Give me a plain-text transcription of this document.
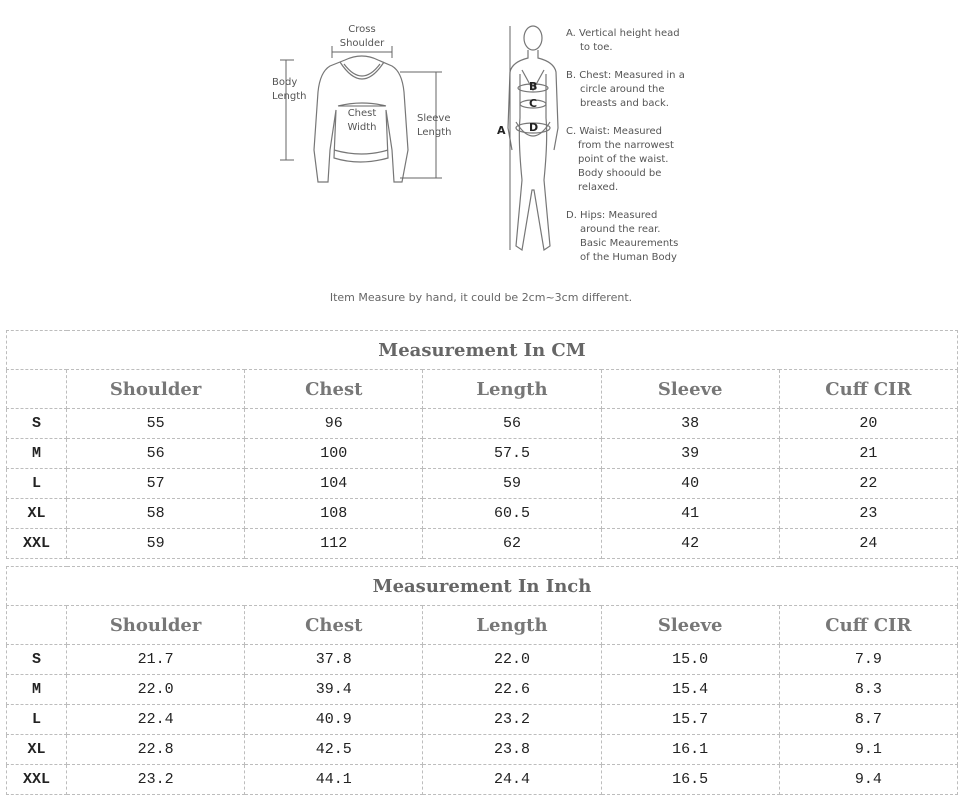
Cross
Shoulder
Body
Length
Chest
Width
Sleeve
Length	A
B
C
D
A. Vertical height head
to toe.
B. Chest: Measured in a
circle around the
breasts and back.
C. Waist: Measured
from the narrowest
point of the waist.
Body shoould be
relaxed.
D. Hips: Measured
around the rear.
Basic Meaurements
of the Human Body
Item Measure by hand, it could be 2cm~3cm different.
Measurement In CM					
	Shoulder	Chest	Length	Sleeve	Cuff CIR
S	55	96	56	38	20
M	56	100	57.5	39	21
L	57	104	59	40	22
XL	58	108	60.5	41	23
XXL	59	112	62	42	24
Measurement In Inch					
	Shoulder	Chest	Length	Sleeve	Cuff CIR
S	21.7	37.8	22.0	15.0	7.9
M	22.0	39.4	22.6	15.4	8.3
L	22.4	40.9	23.2	15.7	8.7
XL	22.8	42.5	23.8	16.1	9.1
XXL	23.2	44.1	24.4	16.5	9.4
